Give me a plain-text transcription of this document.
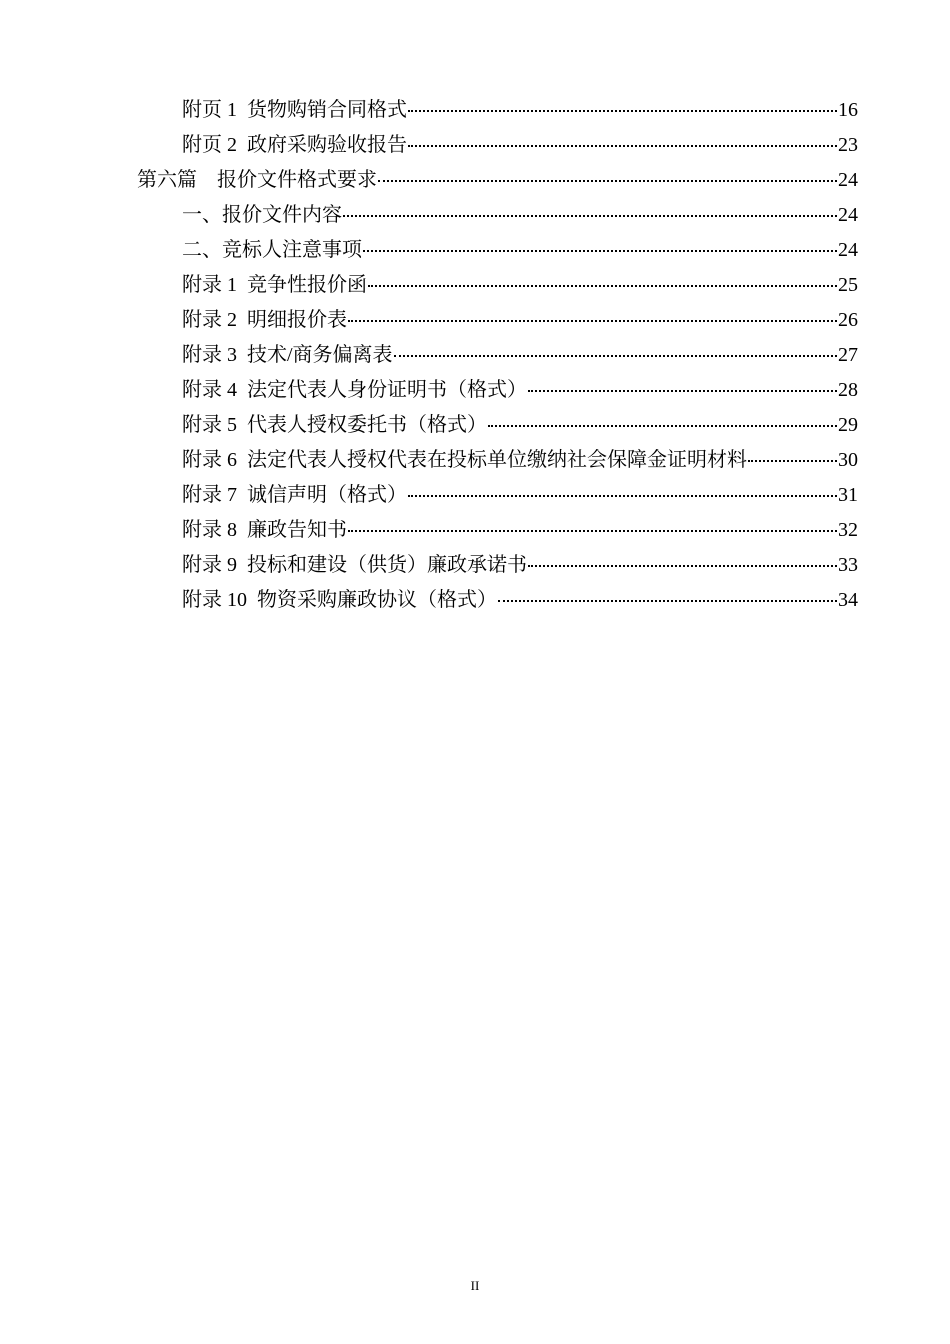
附页 1  货物购销合同格式	16
附页 2  政府采购验收报告	23
第六篇    报价文件格式要求	24
一、报价文件内容	24
二、竞标人注意事项	24
附录 1  竞争性报价函	25
附录 2  明细报价表	26
附录 3  技术/商务偏离表	27
附录 4  法定代表人身份证明书（格式）	28
附录 5  代表人授权委托书（格式）	29
附录 6  法定代表人授权代表在投标单位缴纳社会保障金证明材料	30
附录 7  诚信声明（格式）	31
附录 8  廉政告知书	32
附录 9  投标和建设（供货）廉政承诺书	33
附录 10  物资采购廉政协议（格式）	34
II
